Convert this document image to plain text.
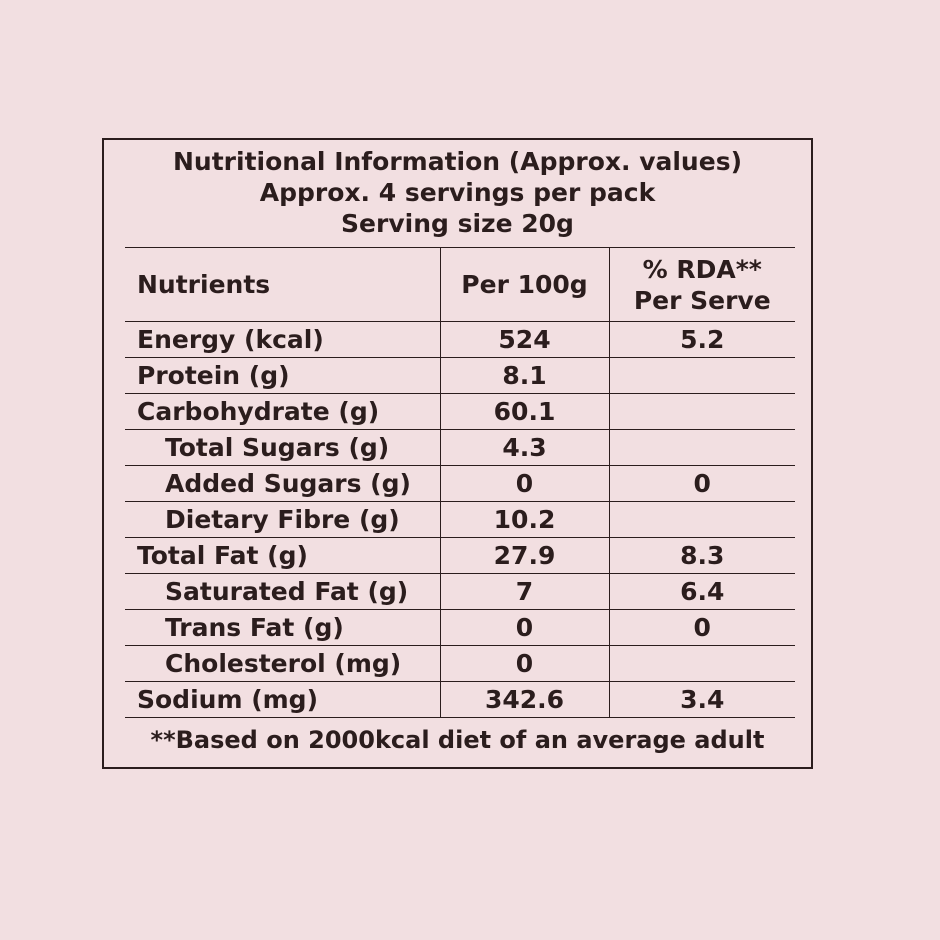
Nutritional Information (Approx. values)
Approx. 4 servings per pack
Serving size 20g
Nutrients	Per 100g	% RDA**
Per Serve

Energy (kcal)	524	5.2
Protein (g)	8.1	
Carbohydrate (g)	60.1	
Total Sugars (g)	4.3	
Added Sugars (g)	0	0
Dietary Fibre (g)	10.2	
Total Fat (g)	27.9	8.3
Saturated Fat (g)	7	6.4
Trans Fat (g)	0	0
Cholesterol (mg)	0	
Sodium (mg)	342.6	3.4
**Based on 2000kcal diet of an average adult
